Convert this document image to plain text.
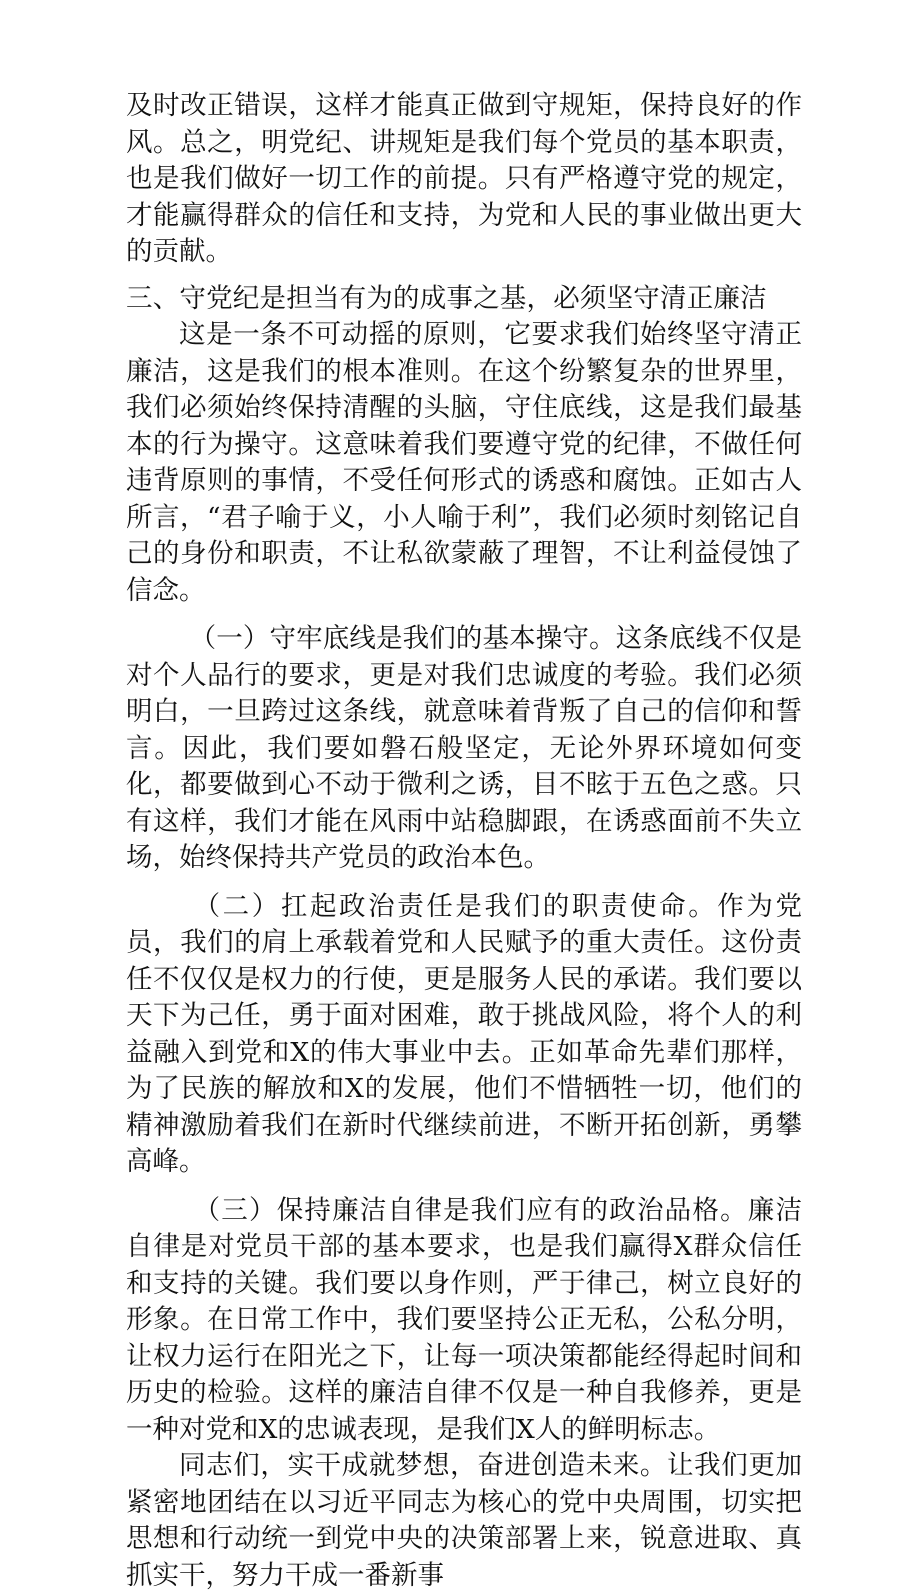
及时改正错误，这样才能真正做到守规矩，保持良好的作风。总之，明党纪、讲规矩是我们每个党员的基本职责，也是我们做好一切工作的前提。只有严格遵守党的规定，才能赢得群众的信任和支持，为党和人民的事业做出更大的贡献。

三、守党纪是担当有为的成事之基，必须坚守清正廉洁

这是一条不可动摇的原则，它要求我们始终坚守清正廉洁，这是我们的根本准则。在这个纷繁复杂的世界里，我们必须始终保持清醒的头脑，守住底线，这是我们最基本的行为操守。这意味着我们要遵守党的纪律，不做任何违背原则的事情，不受任何形式的诱惑和腐蚀。正如古人所言，“君子喻于义，小人喻于利”，我们必须时刻铭记自己的身份和职责，不让私欲蒙蔽了理智，不让利益侵蚀了信念。

（一）守牢底线是我们的基本操守。这条底线不仅是对个人品行的要求，更是对我们忠诚度的考验。我们必须明白，一旦跨过这条线，就意味着背叛了自己的信仰和誓言。因此，我们要如磐石般坚定，无论外界环境如何变化，都要做到心不动于微利之诱，目不眩于五色之惑。只有这样，我们才能在风雨中站稳脚跟，在诱惑面前不失立场，始终保持共产党员的政治本色。

（二）扛起政治责任是我们的职责使命。作为党员，我们的肩上承载着党和人民赋予的重大责任。这份责任不仅仅是权力的行使，更是服务人民的承诺。我们要以天下为己任，勇于面对困难，敢于挑战风险，将个人的利益融入到党和X的伟大事业中去。正如革命先辈们那样，为了民族的解放和X的发展，他们不惜牺牲一切，他们的精神激励着我们在新时代继续前进，不断开拓创新，勇攀高峰。

（三）保持廉洁自律是我们应有的政治品格。廉洁自律是对党员干部的基本要求，也是我们赢得X群众信任和支持的关键。我们要以身作则，严于律己，树立良好的形象。在日常工作中，我们要坚持公正无私，公私分明，让权力运行在阳光之下，让每一项决策都能经得起时间和历史的检验。这样的廉洁自律不仅是一种自我修养，更是一种对党和X的忠诚表现，是我们X人的鲜明标志。

同志们，实干成就梦想，奋进创造未来。让我们更加紧密地团结在以习近平同志为核心的党中央周围，切实把思想和行动统一到党中央的决策部署上来，锐意进取、真抓实干，努力干成一番新事
